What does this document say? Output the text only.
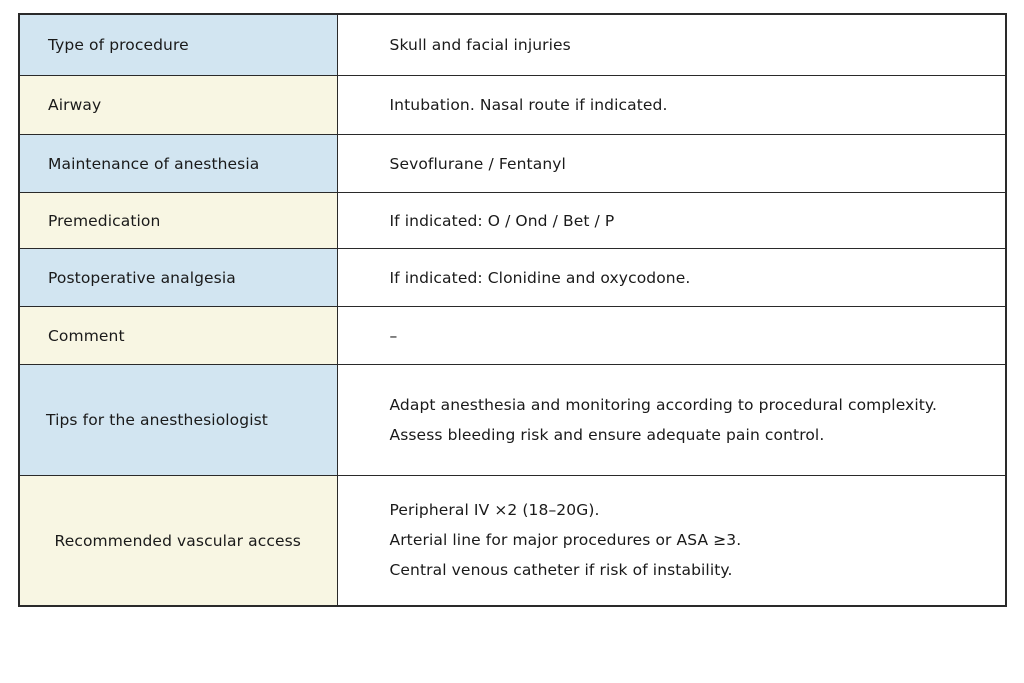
Type of procedure	Skull and facial injuries

Airway	Intubation. Nasal route if indicated.

Maintenance of anesthesia	Sevoflurane / Fentanyl

Premedication	If indicated: O / Ond / Bet / P

Postoperative analgesia	If indicated: Clonidine and oxycodone.

Comment	–

Tips for the anesthesiologist	Adapt anesthesia and monitoring according to procedural complexity.
Assess bleeding risk and ensure adequate pain control.

Recommended vascular access	Peripheral IV ×2 (18–20G).
Arterial line for major procedures or ASA ≥3.
Central venous catheter if risk of instability.
